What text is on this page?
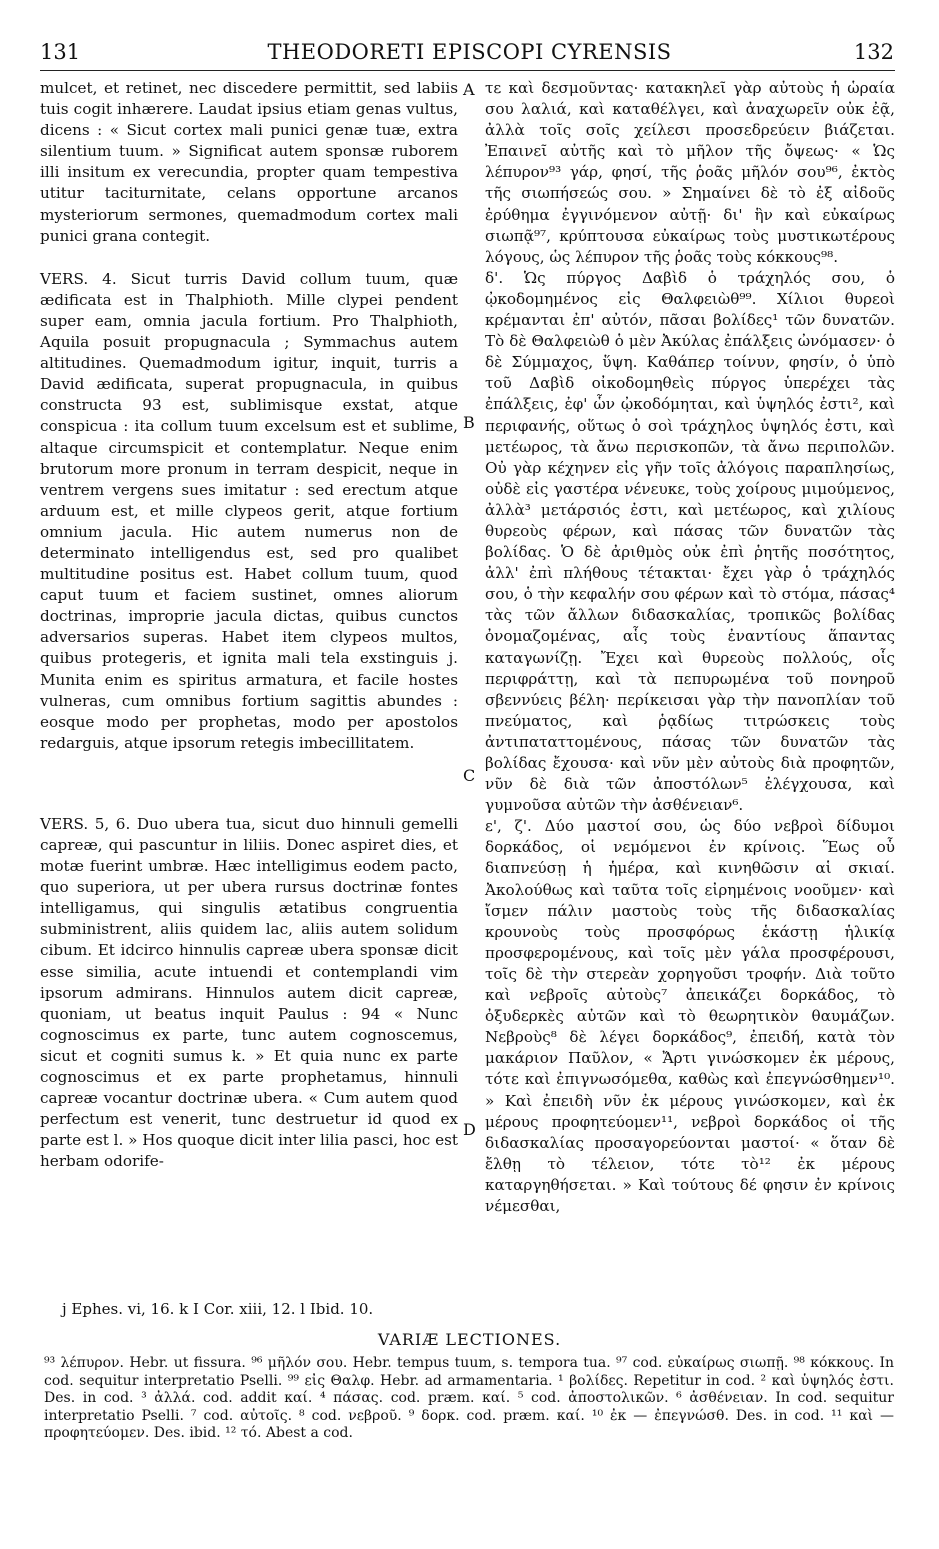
131	THEODORETI EPISCOPI CYRENSIS	132

mulcet, et retinet, nec discedere permittit, sed labiis tuis cogit inhærere. Laudat ipsius etiam genas vultus, dicens : « Sicut cortex mali punici genæ tuæ, extra silentium tuum. » Significat autem sponsæ ruborem illi insitum ex verecundia, propter quam tempestiva utitur taciturnitate, celans opportune arcanos mysteriorum sermones, quemadmodum cortex mali punici grana contegit.

VERS. 4. Sicut turris David collum tuum, quæ ædificata est in Thalphioth. Mille clypei pendent super eam, omnia jacula fortium. Pro Thalphioth, Aquila posuit propugnacula ; Symmachus autem altitudines. Quemadmodum igitur, inquit, turris a David ædificata, superat propugnacula, in quibus constructa 93 est, sublimisque exstat, atque conspicua : ita collum tuum excelsum est et sublime, altaque circumspicit et contemplatur. Neque enim brutorum more pronum in terram despicit, neque in ventrem vergens sues imitatur : sed erectum atque arduum est, et mille clypeos gerit, atque fortium omnium jacula. Hic autem numerus non de determinato intelligendus est, sed pro qualibet multitudine positus est. Habet collum tuum, quod caput tuum et faciem sustinet, omnes aliorum doctrinas, improprie jacula dictas, quibus cunctos adversarios superas. Habet item clypeos multos, quibus protegeris, et ignita mali tela exstinguis j. Munita enim es spiritus armatura, et facile hostes vulneras, cum omnibus fortium sagittis abundes : eosque modo per prophetas, modo per apostolos redarguis, atque ipsorum retegis imbecillitatem.

VERS. 5, 6. Duo ubera tua, sicut duo hinnuli gemelli capreæ, qui pascuntur in liliis. Donec aspiret dies, et motæ fuerint umbræ. Hæc intelligimus eodem pacto, quo superiora, ut per ubera rursus doctrinæ fontes intelligamus, qui singulis ætatibus congruentia subministrent, aliis quidem lac, aliis autem solidum cibum. Et idcirco hinnulis capreæ ubera sponsæ dicit esse similia, acute intuendi et contemplandi vim ipsorum admirans. Hinnulos autem dicit capreæ, quoniam, ut beatus inquit Paulus : 94 « Nunc cognoscimus ex parte, tunc autem cognoscemus, sicut et cogniti sumus k. » Et quia nunc ex parte cognoscimus et ex parte prophetamus, hinnuli capreæ vocantur doctrinæ ubera. « Cum autem quod perfectum est venerit, tunc destruetur id quod ex parte est l. » Hos quoque dicit inter lilia pasci, hoc est herbam odorife-

τε καὶ δεσμοῦντας· κατακηλεῖ γὰρ αὐτοὺς ἡ ὡραία σου λαλιά, καὶ καταθέλγει, καὶ ἀναχωρεῖν οὐκ ἐᾷ, ἀλλὰ τοῖς σοῖς χείλεσι προσεδρεύειν βιάζεται. Ἐπαινεῖ αὐτῆς καὶ τὸ μῆλον τῆς ὄψεως· « Ὡς λέπυρον⁹³ γάρ, φησί, τῆς ῥοᾶς μῆλόν σου⁹⁶, ἐκτὸς τῆς σιωπήσεώς σου. » Σημαίνει δὲ τὸ ἐξ αἰδοῦς ἐρύθημα ἐγγινόμενον αὐτῇ· δι' ἣν καὶ εὐκαίρως σιωπᾷ⁹⁷, κρύπτουσα εὐκαίρως τοὺς μυστικωτέρους λόγους, ὡς λέπυρον τῆς ῥοᾶς τοὺς κόκκους⁹⁸.

δ'. Ὡς πύργος Δαβὶδ ὁ τράχηλός σου, ὁ ᾠκοδομημένος εἰς Θαλφειὼθ⁹⁹. Χίλιοι θυρεοὶ κρέμανται ἐπ' αὐτόν, πᾶσαι βολίδες¹ τῶν δυνατῶν. Τὸ δὲ Θαλφειὼθ ὁ μὲν Ἀκύλας ἐπάλξεις ὠνόμασεν· ὁ δὲ Σύμμαχος, ὕψη. Καθάπερ τοίνυν, φησίν, ὁ ὑπὸ τοῦ Δαβὶδ οἰκοδομηθεὶς πύργος ὑπερέχει τὰς ἐπάλξεις, ἐφ' ὧν ᾠκοδόμηται, καὶ ὑψηλός ἐστι², καὶ περιφανής, οὕτως ὁ σοὶ τράχηλος ὑψηλός ἐστι, καὶ μετέωρος, τὰ ἄνω περισκοπῶν, τὰ ἄνω περιπολῶν. Οὐ γὰρ κέχηνεν εἰς γῆν τοῖς ἀλόγοις παραπλησίως, οὐδὲ εἰς γαστέρα νένευκε, τοὺς χοίρους μιμούμενος, ἀλλὰ³ μετάρσιός ἐστι, καὶ μετέωρος, καὶ χιλίους θυρεοὺς φέρων, καὶ πάσας τῶν δυνατῶν τὰς βολίδας. Ὁ δὲ ἀριθμὸς οὐκ ἐπὶ ῥητῆς ποσότητος, ἀλλ' ἐπὶ πλήθους τέτακται· ἔχει γὰρ ὁ τράχηλός σου, ὁ τὴν κεφαλήν σου φέρων καὶ τὸ στόμα, πάσας⁴ τὰς τῶν ἄλλων διδασκαλίας, τροπικῶς βολίδας ὀνομαζομένας, αἷς τοὺς ἐναντίους ἅπαντας καταγωνίζῃ. Ἔχει καὶ θυρεοὺς πολλούς, οἷς περιφράττῃ, καὶ τὰ πεπυρωμένα τοῦ πονηροῦ σβεννύεις βέλη· περίκεισαι γὰρ τὴν πανοπλίαν τοῦ πνεύματος, καὶ ῥᾳδίως τιτρώσκεις τοὺς ἀντιπαταττομένους, πάσας τῶν δυνατῶν τὰς βολίδας ἔχουσα· καὶ νῦν μὲν αὐτοὺς διὰ προφητῶν, νῦν δὲ διὰ τῶν ἀποστόλων⁵ ἐλέγχουσα, καὶ γυμνοῦσα αὐτῶν τὴν ἀσθένειαν⁶.

ε', ζ'. Δύο μαστοί σου, ὡς δύο νεβροὶ δίδυμοι δορκάδος, οἱ νεμόμενοι ἐν κρίνοις. Ἕως οὗ διαπνεύσῃ ἡ ἡμέρα, καὶ κινηθῶσιν αἱ σκιαί. Ἀκολούθως καὶ ταῦτα τοῖς εἰρημένοις νοοῦμεν· καὶ ἴσμεν πάλιν μαστοὺς τοὺς τῆς διδασκαλίας κρουνοὺς τοὺς προσφόρως ἑκάστῃ ἡλικίᾳ προσφερομένους, καὶ τοῖς μὲν γάλα προσφέρουσι, τοῖς δὲ τὴν στερεὰν χορηγοῦσι τροφήν. Διὰ τοῦτο καὶ νεβροῖς αὐτοὺς⁷ ἀπεικάζει δορκάδος, τὸ ὀξυδερκὲς αὐτῶν καὶ τὸ θεωρητικὸν θαυμάζων. Νεβροὺς⁸ δὲ λέγει δορκάδος⁹, ἐπειδή, κατὰ τὸν μακάριον Παῦλον, « Ἄρτι γινώσκομεν ἐκ μέρους, τότε καὶ ἐπιγνωσόμεθα, καθὼς καὶ ἐπεγνώσθημεν¹⁰. » Καὶ ἐπειδὴ νῦν ἐκ μέρους γινώσκομεν, καὶ ἐκ μέρους προφητεύομεν¹¹, νεβροὶ δορκάδος οἱ τῆς διδασκαλίας προσαγορεύονται μαστοί· « ὅταν δὲ ἔλθῃ τὸ τέλειον, τότε τὸ¹² ἐκ μέρους καταργηθήσεται. » Καὶ τούτους δέ φησιν ἐν κρίνοις νέμεσθαι,

A
B
C
D
j Ephes. vi, 16. k I Cor. xiii, 12. l Ibid. 10.
VARIÆ LECTIONES.
⁹³ λέπυρον. Hebr. ut fissura. ⁹⁶ μῆλόν σου. Hebr. tempus tuum, s. tempora tua. ⁹⁷ cod. εὐκαίρως σιωπῇ. ⁹⁸ κόκκους. In cod. sequitur interpretatio Pselli. ⁹⁹ εἰς Θαλφ. Hebr. ad armamentaria. ¹ βολίδες. Repetitur in cod. ² καὶ ὑψηλός ἐστι. Des. in cod. ³ ἀλλά. cod. addit καί. ⁴ πάσας. cod. præm. καί. ⁵ cod. ἀποστολικῶν. ⁶ ἀσθένειαν. In cod. sequitur interpretatio Pselli. ⁷ cod. αὐτοῖς. ⁸ cod. νεβροῦ. ⁹ δορκ. cod. præm. καί. ¹⁰ ἐκ — ἐπεγνώσθ. Des. in cod. ¹¹ καὶ — προφητεύομεν. Des. ibid. ¹² τό. Abest a cod.
